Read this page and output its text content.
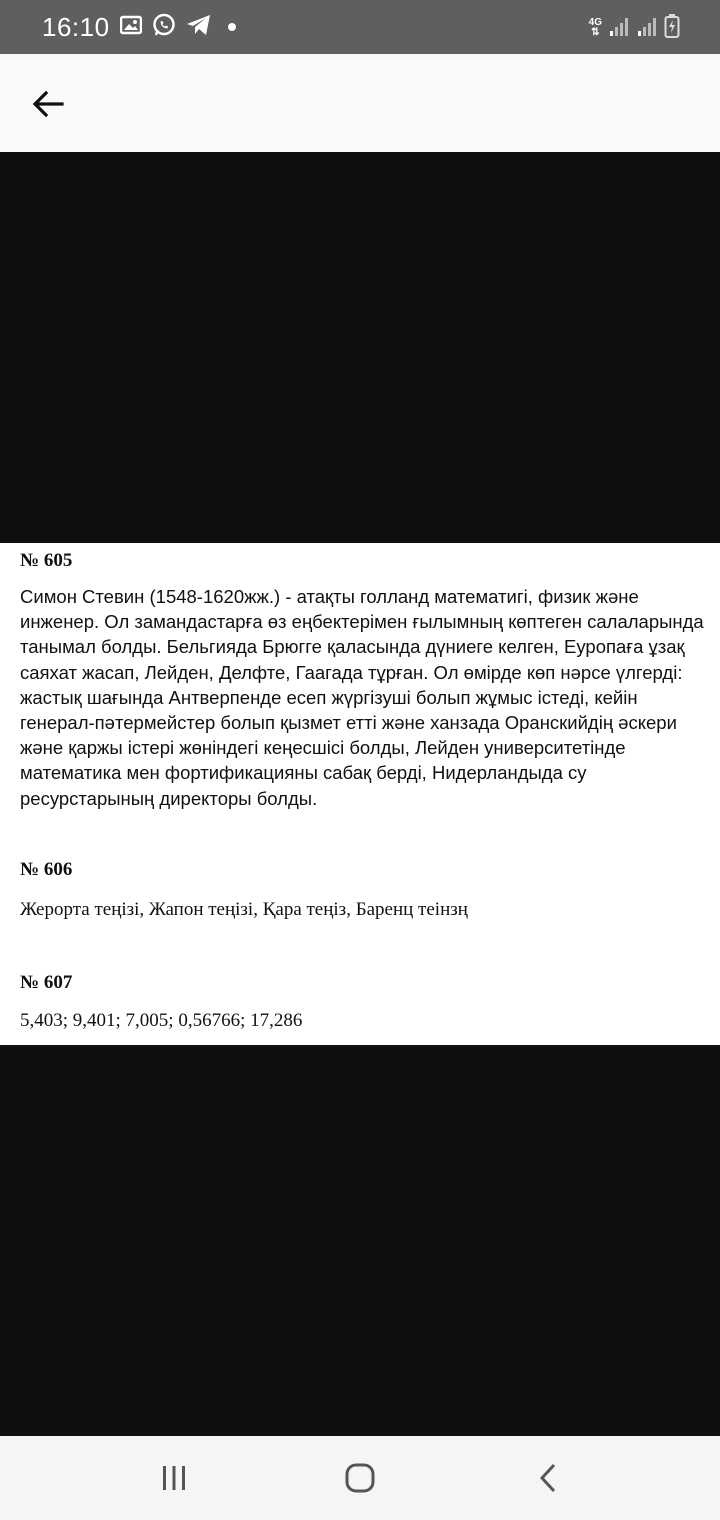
16:10	4G
⇅
№ 605
Симон Стевин (1548-1620жж.) - атақты голланд математигі, физик және инженер. Ол замандастарға өз еңбектерімен ғылымның көптеген салаларында танымал болды. Бельгияда Брюгге қаласында дүниеге келген, Еуропаға ұзақ саяхат жасап, Лейден, Делфте, Гаагада тұрған. Ол өмірде көп нәрсе үлгерді: жастық шағында Антверпенде есеп жүргізуші болып жұмыс істеді, кейін генерал-пәтермейстер болып қызмет етті және ханзада Оранскийдің әскери және қаржы істері жөніндегі кеңесшісі болды, Лейден университетінде математика мен фортификацияны сабақ берді, Нидерландыда су ресурстарының директоры болды.
№ 606
Жерорта теңізі, Жапон теңізі, Қара теңіз, Баренц теінзң
№ 607
5,403; 9,401; 7,005; 0,56766; 17,286
